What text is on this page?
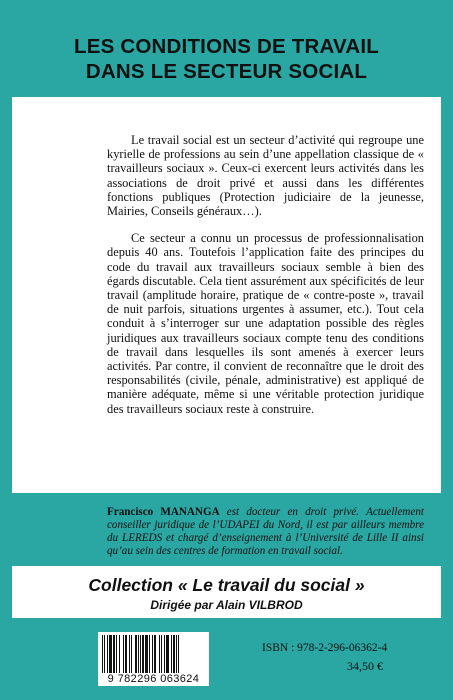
LES CONDITIONS DE TRAVAIL
DANS LE SECTEUR SOCIAL

Le travail social est un secteur d’activité qui regroupe une kyrielle de professions au sein d’une appellation classique de « travailleurs sociaux ». Ceux-ci exercent leurs activités dans les associations de droit privé et aussi dans les différentes fonctions publiques (Protection judiciaire de la jeunesse, Mairies, Conseils généraux…).

Ce secteur a connu un processus de professionnalisation depuis 40 ans. Toutefois l’application faite des principes du code du travail aux travailleurs sociaux semble à bien des égards discutable. Cela tient assurément aux spécificités de leur travail (amplitude horaire, pratique de « contre-poste », travail de nuit parfois, situations urgentes à assumer, etc.). Tout cela conduit à s’interroger sur une adaptation possible des règles juridiques aux travailleurs sociaux compte tenu des conditions de travail dans lesquelles ils sont amenés à exercer leurs activités. Par contre, il convient de reconnaître que le droit des responsabilités (civile, pénale, administrative) est appliqué de manière adéquate, même si une véritable protection juridique des travailleurs sociaux reste à construire.

Francisco MANANGA est docteur en droit privé. Actuellement conseiller juridique de l’UDAPEI du Nord, il est par ailleurs membre du LEREDS et chargé d’enseignement à l’Université de Lille II ainsi qu’au sein des centres de formation en travail social.
Collection « Le travail du social »
Dirigée par Alain VILBROD
9 782296 063624
ISBN : 978-2-296-06362-4
34,50 €
